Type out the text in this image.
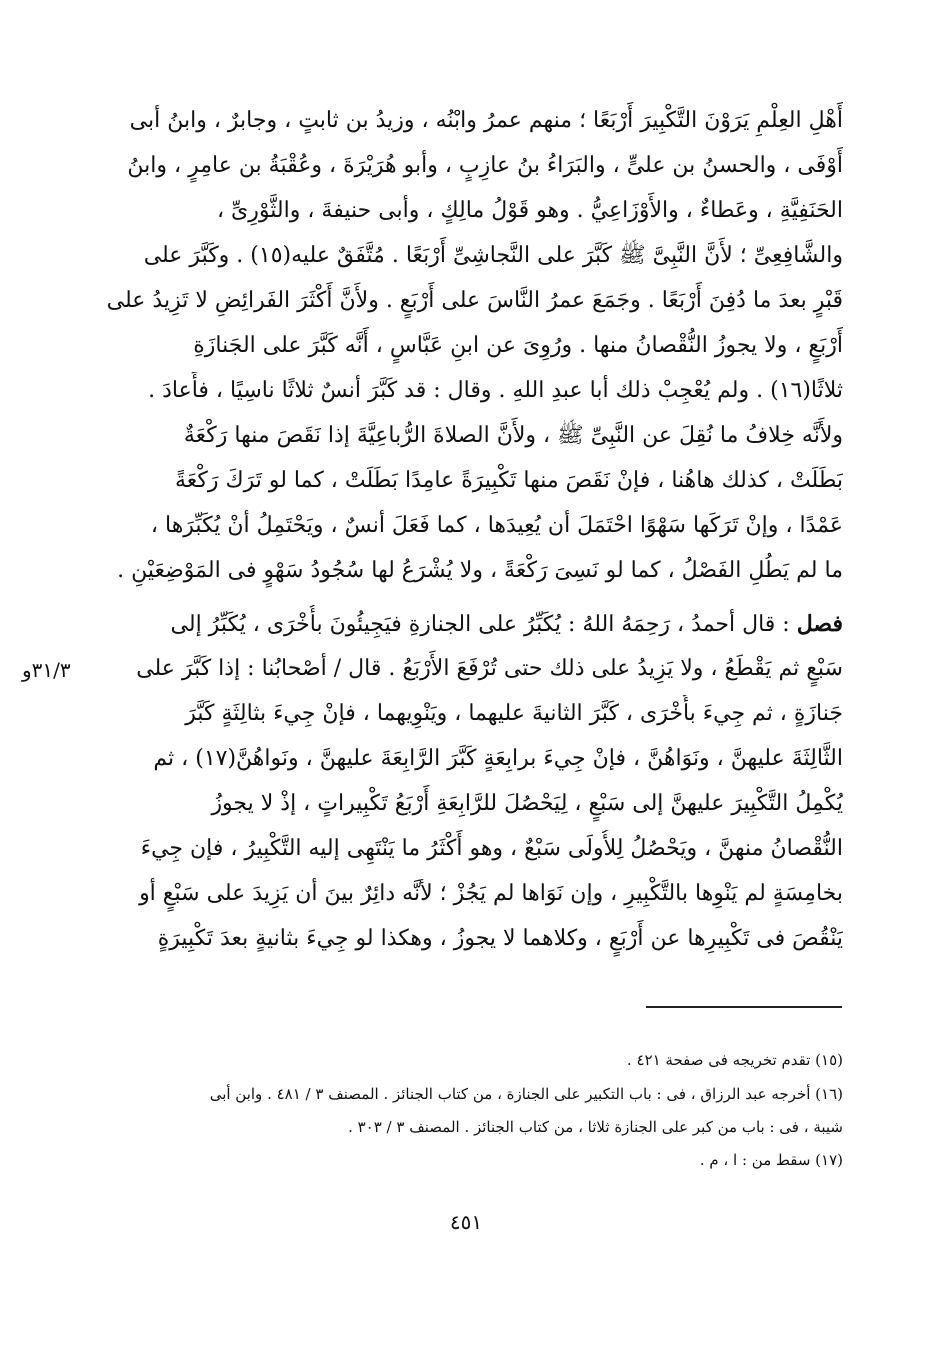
أَهْلِ العِلْمِ يَرَوْنَ التَّكْبِيرَ أَرْبَعًا ؛ منهم عمرُ وابْنُه ، وزيدُ بن ثابتٍ ، وجابرٌ ، وابنُ أبى
أَوْفَى ، والحسنُ بن علىٍّ ، والبَرَاءُ بنُ عازِبٍ ، وأبو هُرَيْرَةَ ، وعُقْبَةُ بن عامِرٍ ، وابنُ
الحَنَفِيَّةِ ، وعَطاءٌ ، والأَوْزَاعِيُّ . وهو قَوْلُ مالِكٍ ، وأبى حنيفةَ ، والثَّوْرِىِّ ،
والشَّافِعِىِّ ؛ لأَنَّ النَّبِىَّ ﷺ كَبَّرَ على النَّجاشِىِّ أَرْبَعًا . مُتَّفَقٌ عليه(١٥) . وكَبَّرَ على
قَبْرٍ بعدَ ما دُفِنَ أَرْبَعًا . وجَمَعَ عمرُ النَّاسَ على أَرْبَعٍ . ولأَنَّ أَكْثَرَ الفَرائِضِ لا تَزِيدُ على
أَرْبَعٍ ، ولا يجوزُ النُّقْصانُ منها . ورُوِىَ عن ابنِ عَبَّاسٍ ، أَنَّه كَبَّرَ على الجَنازَةِ
ثلاثًا(١٦) . ولم يُعْجِبْ ذلك أبا عبدِ اللهِ . وقال : قد كَبَّرَ أنسٌ ثلاثًا ناسِيًا ، فأَعادَ .
ولأَنَّه خِلافُ ما نُقِلَ عن النَّبِىِّ ﷺ ، ولأَنَّ الصلاةَ الرُّباعِيَّةَ إذا نَقَصَ منها رَكْعَةٌ
بَطَلَتْ ، كذلك هاهُنا ، فإنْ نَقَصَ منها تَكْبِيرَةً عامِدًا بَطَلَتْ ، كما لو تَرَكَ رَكْعَةً
عَمْدًا ، وإنْ تَرَكَها سَهْوًا احْتَمَلَ أن يُعِيدَها ، كما فَعَلَ أنسٌ ، ويَحْتَمِلُ أنْ يُكَبِّرَها ،
ما لم يَطُلِ الفَصْلُ ، كما لو نَسِىَ رَكْعَةً ، ولا يُشْرَعُ لها سُجُودُ سَهْوٍ فى المَوْضِعَيْنِ .
فصل : قال أحمدُ ، رَحِمَهُ اللهُ : يُكَبِّرُ على الجنازةِ فيَجِيئُونَ بأُخْرَى ، يُكَبِّرُ إلى
سَبْعٍ ثم يَقْطَعُ ، ولا يَزِيدُ على ذلك حتى تُرْفَعَ الأَرْبَعُ . قال / أصْحابُنا : إذا كَبَّرَ على
جَنازَةٍ ، ثم جِيءَ بأُخْرَى ، كَبَّرَ الثانيةَ عليهما ، ويَنْوِيهما ، فإنْ جِيءَ بثالِثَةٍ كَبَّرَ
الثَّالِثَةَ عليهنَّ ، ونَوَاهُنَّ ، فإنْ جِيءَ برابِعَةٍ كَبَّرَ الرَّابِعَةَ عليهنَّ ، ونَواهُنَّ(١٧) ، ثم
يُكْمِلُ التَّكْبِيرَ عليهنَّ إلى سَبْعٍ ، لِيَحْصُلَ للرَّابِعَةِ أَرْبَعُ تَكْبِيراتٍ ، إذْ لا يجوزُ
النُّقْصانُ منهنَّ ، ويَحْصُلُ لِلأُولَى سَبْعٌ ، وهو أَكْثَرُ ما يَنْتَهِى إليه التَّكْبِيرُ ، فإن جِيءَ
بخامِسَةٍ لم يَنْوِها بالتَّكْبِيرِ ، وإن نَوَاها لم يَجُزْ ؛ لأنَّه دائِرٌ بينَ أن يَزِيدَ على سَبْعٍ أو
يَنْقُصَ فى تَكْبِيرِها عن أَرْبَعٍ ، وكلاهما لا يجوزُ ، وهكذا لو جِيءَ بثانيةٍ بعدَ تَكْبِيرَةٍ
٣١/٣و
(١٥) تقدم تخريجه فى صفحة ٤٢١ .
(١٦) أخرجه عبد الرزاق ، فى : باب التكبير على الجنازة ، من كتاب الجنائز . المصنف ٣ / ٤٨١ . وابن أبى
شيبة ، فى : باب من كبر على الجنازة ثلاثا ، من كتاب الجنائز . المصنف ٣ / ٣٠٣ .
(١٧) سقط من : ا ، م .
٤٥١
